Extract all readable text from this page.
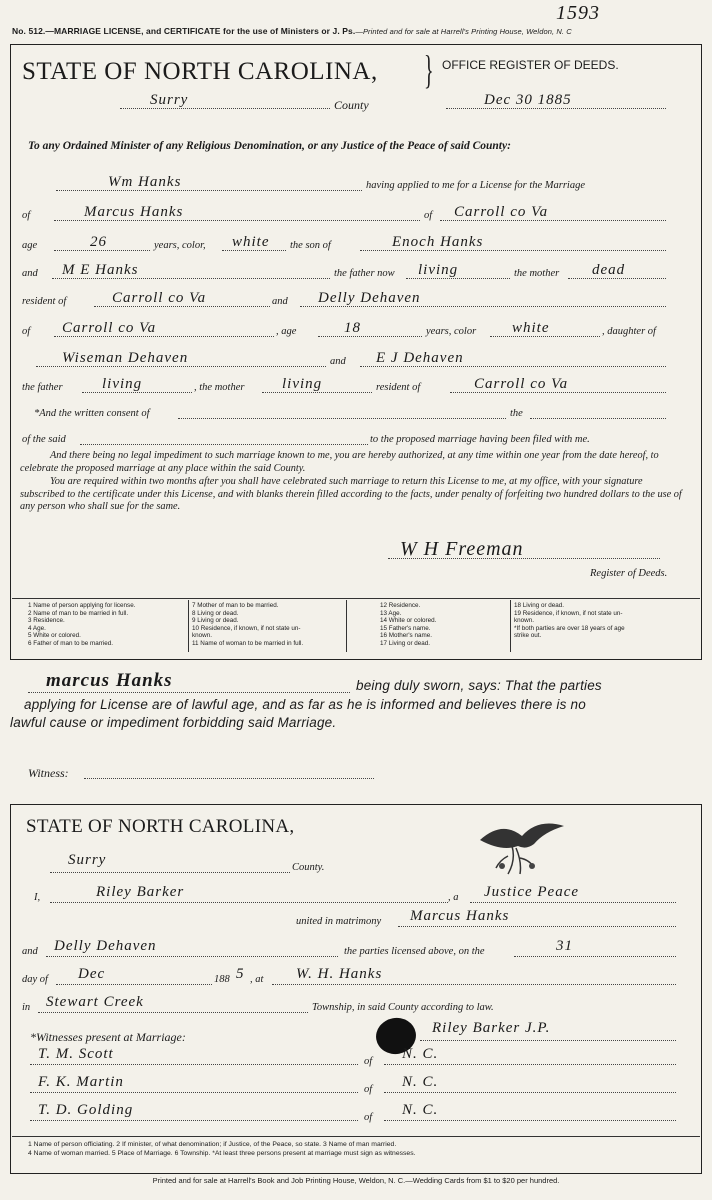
No. 512.—MARRIAGE LICENSE, and CERTIFICATE for the use of Ministers or J. Ps.—Printed and for sale at Harrell's Printing House, Weldon, N. C
1593
STATE OF NORTH CAROLINA, } OFFICE REGISTER OF DEEDS.
Surry	County	Dec 30 1885
To any Ordained Minister of any Religious Denomination, or any Justice of the Peace of said County:
Wm Hanks	having applied to me for a License for the Marriage
of	Marcus Hanks	of Carroll co Va
age	26	years, color, white the son of	Enoch Hanks
and M E Hanks	the father now living	the mother dead
resident of	Carroll co Va	and Delly Dehaven
of Carroll co Va	, age	18	years, color white	, daughter of
Wiseman Dehaven	and E J Dehaven
the father	living	, the mother	living	resident of	Carroll co Va
*And the written consent of	the
of the said	to the proposed marriage having been filed with me.
And there being no legal impediment to such marriage known to me, you are hereby authorized, at any time within one year from the date hereof, to celebrate the proposed marriage at any place within the said County.
You are required within two months after you shall have celebrated such marriage to return this License to me, at my office, with your signature subscribed to the certificate under this License, and with blanks therein filled according to the facts, under penalty of forfeiting two hundred dollars to the use of any person who shall sue for the same.
W H Freeman
Register of Deeds.
1 Name of person applying for license.
2 Name of man to be married in full.
3 Residence.
4 Age.
5 White or colored.
6 Father of man to be married.
7 Mother of man to be married.
8 Living or dead.
9 Living or dead.
10 Residence, if known, if not state un-
known.
11 Name of woman to be married in full.
12 Residence.
13 Age.
14 White or colored.
15 Father's name.
16 Mother's name.
17 Living or dead.
18 Living or dead.
19 Residence, if known, if not state un-
known.
*If both parties are over 18 years of age
strike out.
marcus Hanks	being duly sworn, says: That the parties
applying for License are of lawful age, and as far as he is informed and believes there is no
lawful cause or impediment forbidding said Marriage.
Witness:
STATE OF NORTH CAROLINA,
Surry	County.
I,	Riley Barker	, a Justice Peace
united in matrimony Marcus Hanks
and Delly Dehaven	the parties licensed above, on the	31
day of Dec	188 5 , at W. H. Hanks
in Stewart Creek	Township, in said County according to law.
*Witnesses present at Marriage:
Riley Barker J.P.
T. M. Scott	of N. C.
F. K. Martin	of N. C.
T. D. Golding	of N. C.
1 Name of person officiating. 2 If minister, of what denomination; if Justice, of the Peace, so state. 3 Name of man married.
4 Name of woman married. 5 Place of Marriage. 6 Township. *At least three persons present at marriage must sign as witnesses.
Printed and for sale at Harrell's Book and Job Printing House, Weldon, N. C.—Wedding Cards from $1 to $20 per hundred.
